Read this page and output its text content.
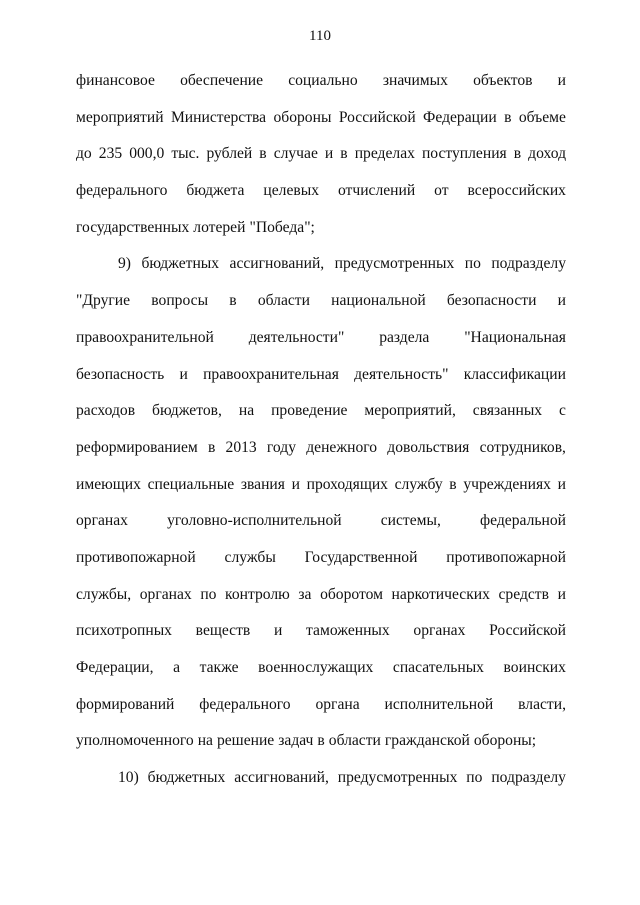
110
финансовое обеспечение социально значимых объектов и
мероприятий Министерства обороны Российской Федерации в объеме
до 235 000,0 тыс. рублей в случае и в пределах поступления в доход
федерального бюджета целевых отчислений от всероссийских
государственных лотерей "Победа";
9) бюджетных ассигнований, предусмотренных по подразделу
"Другие вопросы в области национальной безопасности и
правоохранительной деятельности" раздела "Национальная
безопасность и правоохранительная деятельность" классификации
расходов бюджетов, на проведение мероприятий, связанных с
реформированием в 2013 году денежного довольствия сотрудников,
имеющих специальные звания и проходящих службу в учреждениях и
органах	уголовно-исполнительной	системы,	федеральной
противопожарной службы Государственной противопожарной
службы, органах по контролю за оборотом наркотических средств и
психотропных веществ и таможенных органах Российской
Федерации, а также военнослужащих спасательных воинских
формирований федерального органа исполнительной власти,
уполномоченного на решение задач в области гражданской обороны;
10) бюджетных ассигнований, предусмотренных по подразделу
